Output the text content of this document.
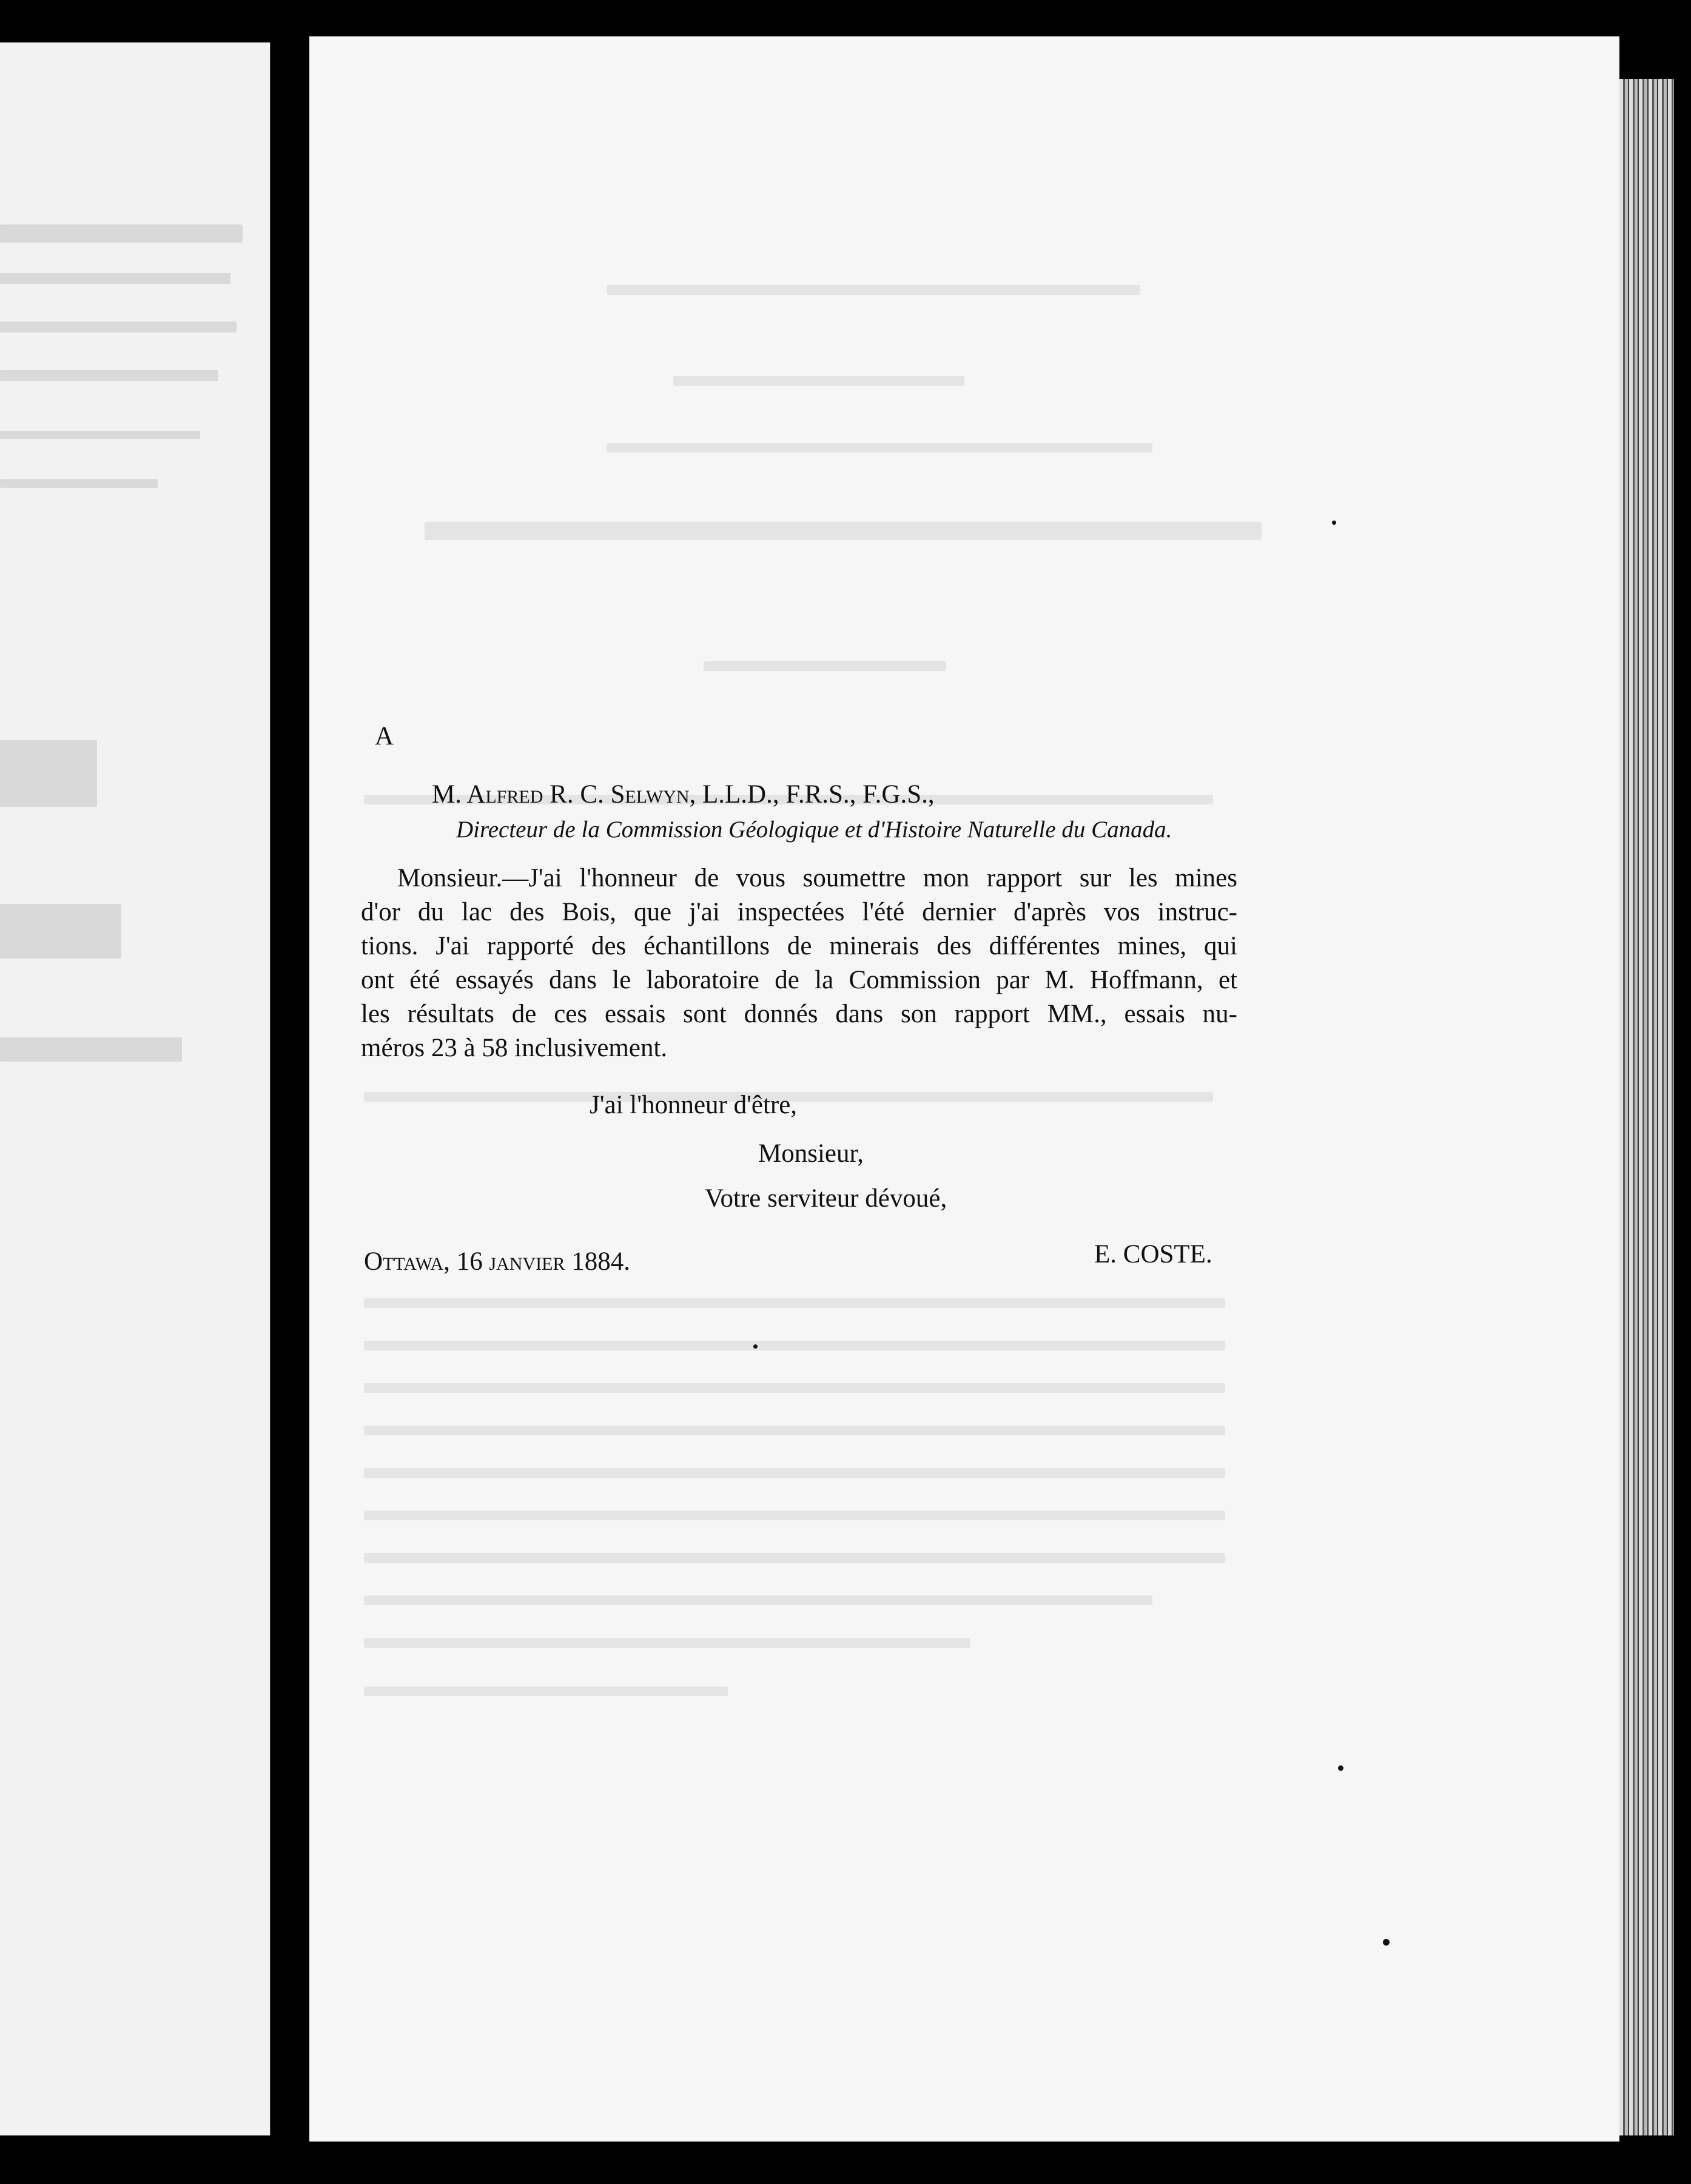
A
M. Alfred R. C. Selwyn, L.L.D., F.R.S., F.G.S.,
Directeur de la Commission Géologique et d'Histoire Naturelle du Canada.
Monsieur.—J'ai l'honneur de vous soumettre mon rapport sur les mines
d'or du lac des Bois, que j'ai inspectées l'été dernier d'après vos instruc-
tions. J'ai rapporté des échantillons de minerais des différentes mines, qui
ont été essayés dans le laboratoire de la Commission par M. Hoffmann, et
les résultats de ces essais sont donnés dans son rapport MM., essais nu-
méros 23 à 58 inclusivement.
J'ai l'honneur d'être,
Monsieur,
Votre serviteur dévoué,
Ottawa, 16 janvier 1884.	E. COSTE.
